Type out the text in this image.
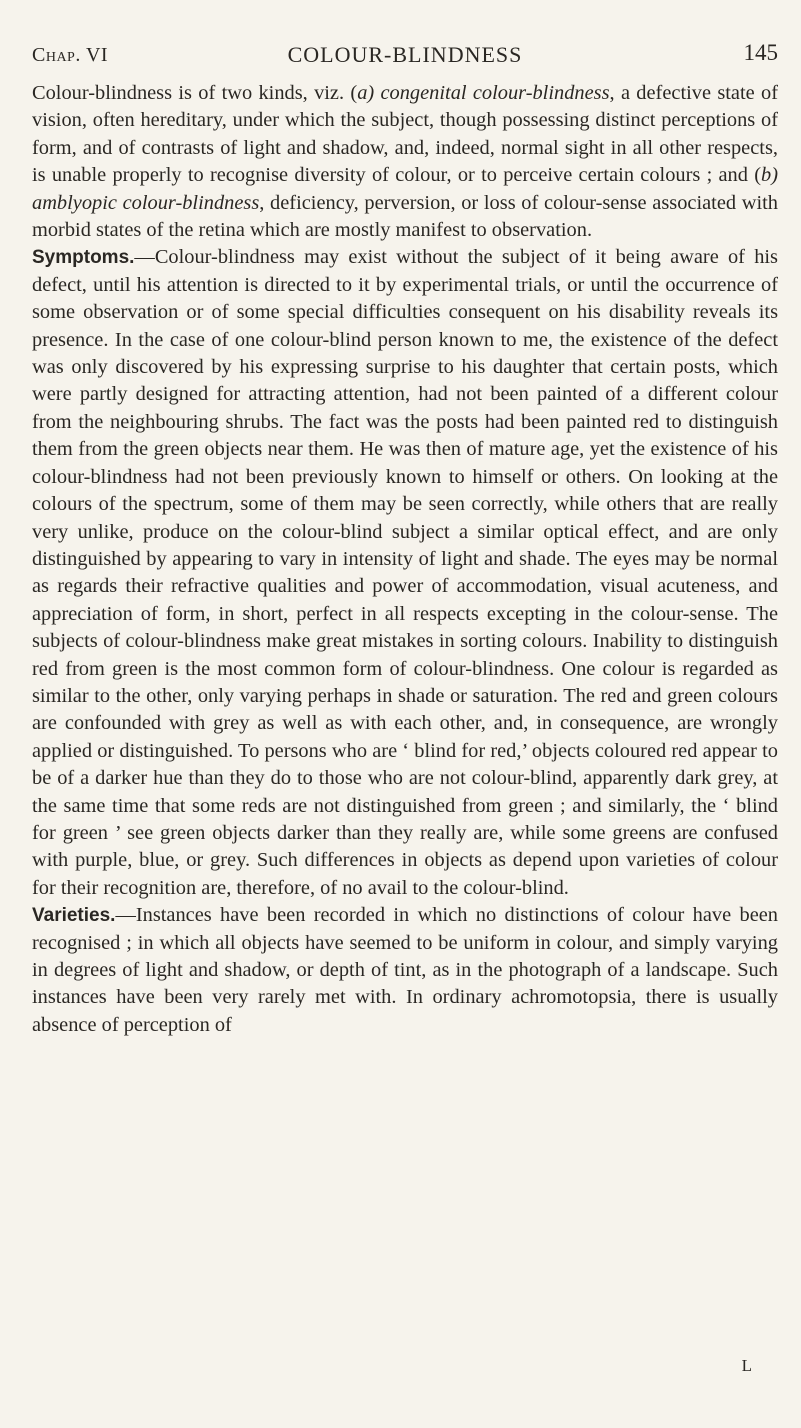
Chap. VI	COLOUR-BLINDNESS	145

Colour-blindness is of two kinds, viz. (a) congenital colour-blindness, a defective state of vision, often hereditary, under which the subject, though possessing distinct perceptions of form, and of contrasts of light and shadow, and, indeed, normal sight in all other respects, is unable properly to recognise diversity of colour, or to perceive certain colours ; and (b) amblyopic colour-blindness, deficiency, perversion, or loss of colour-sense associated with morbid states of the retina which are mostly manifest to observation.

Symptoms.—Colour-blindness may exist without the subject of it being aware of his defect, until his attention is directed to it by experimental trials, or until the occurrence of some observation or of some special difficulties consequent on his disability reveals its presence. In the case of one colour-blind person known to me, the existence of the defect was only discovered by his expressing surprise to his daughter that certain posts, which were partly designed for attracting attention, had not been painted of a different colour from the neighbouring shrubs. The fact was the posts had been painted red to distinguish them from the green objects near them. He was then of mature age, yet the existence of his colour-blindness had not been previously known to himself or others. On looking at the colours of the spectrum, some of them may be seen correctly, while others that are really very unlike, produce on the colour-blind subject a similar optical effect, and are only distinguished by appearing to vary in intensity of light and shade. The eyes may be normal as regards their refractive qualities and power of accommodation, visual acuteness, and appreciation of form, in short, perfect in all respects excepting in the colour-sense. The subjects of colour-blindness make great mistakes in sorting colours. Inability to distinguish red from green is the most common form of colour-blindness. One colour is regarded as similar to the other, only varying perhaps in shade or saturation. The red and green colours are confounded with grey as well as with each other, and, in consequence, are wrongly applied or distinguished. To persons who are ‘ blind for red,’ objects coloured red appear to be of a darker hue than they do to those who are not colour-blind, apparently dark grey, at the same time that some reds are not distinguished from green ; and similarly, the ‘ blind for green ’ see green objects darker than they really are, while some greens are confused with purple, blue, or grey. Such differences in objects as depend upon varieties of colour for their recognition are, therefore, of no avail to the colour-blind.

Varieties.—Instances have been recorded in which no distinctions of colour have been recognised ; in which all objects have seemed to be uniform in colour, and simply varying in degrees of light and shadow, or depth of tint, as in the photograph of a landscape. Such instances have been very rarely met with. In ordinary achromotopsia, there is usually absence of perception of

L
